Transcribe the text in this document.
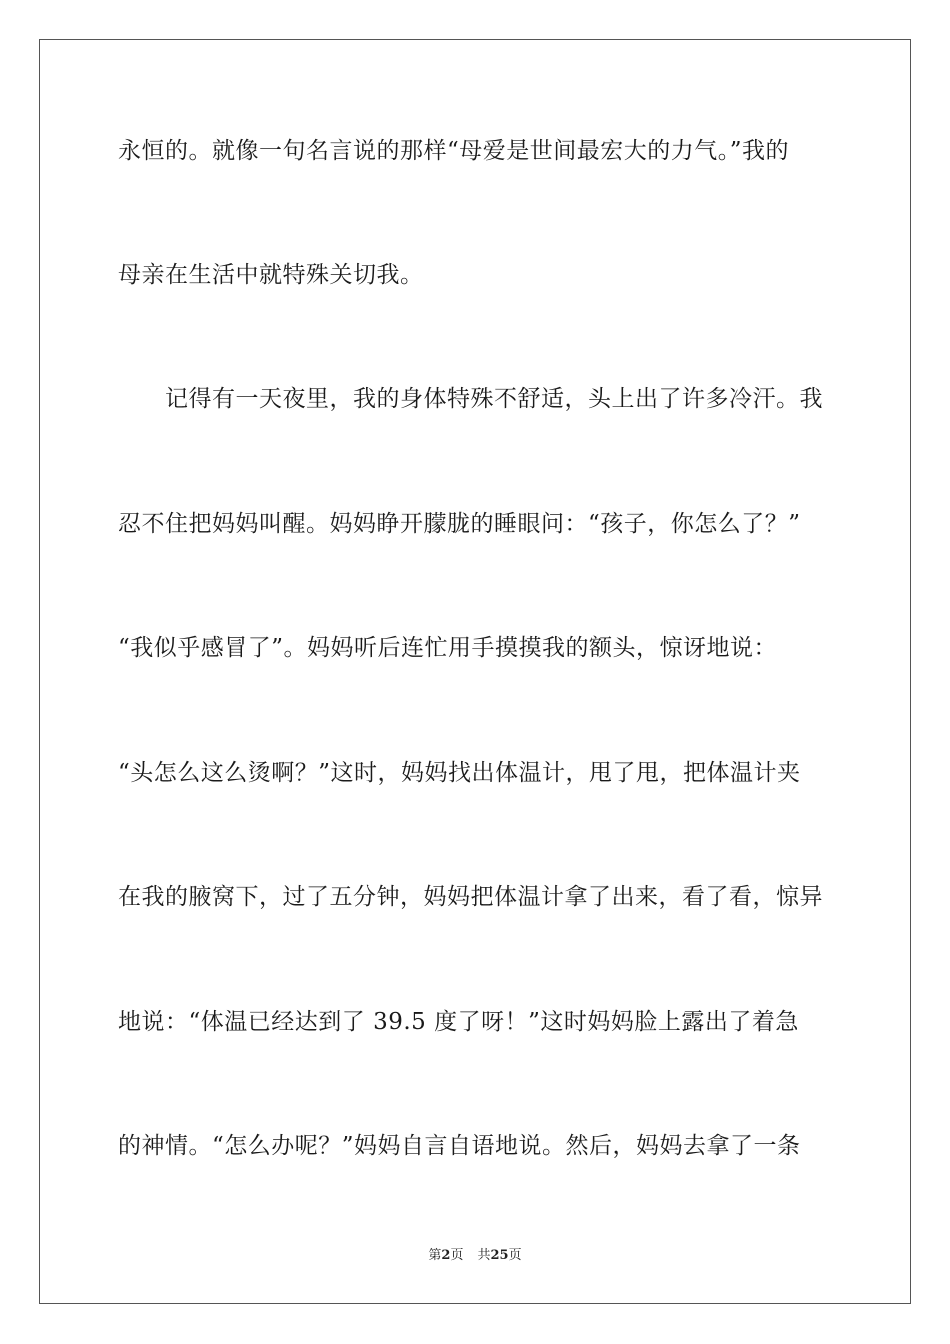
永恒的。就像一句名言说的那样“母爱是世间最宏大的力气。”我的
母亲在生活中就特殊关切我。
　　记得有一天夜里，我的身体特殊不舒适，头上出了许多冷汗。我
忍不住把妈妈叫醒。妈妈睁开朦胧的睡眼问：“孩子，你怎么了？”
“我似乎感冒了”。妈妈听后连忙用手摸摸我的额头，惊讶地说：
“头怎么这么烫啊？”这时，妈妈找出体温计，甩了甩，把体温计夹
在我的腋窝下，过了五分钟，妈妈把体温计拿了出来，看了看，惊异
地说：“体温已经达到了 39.5 度了呀！”这时妈妈脸上露出了着急
的神情。“怎么办呢？”妈妈自言自语地说。然后，妈妈去拿了一条
第2页 共25页
